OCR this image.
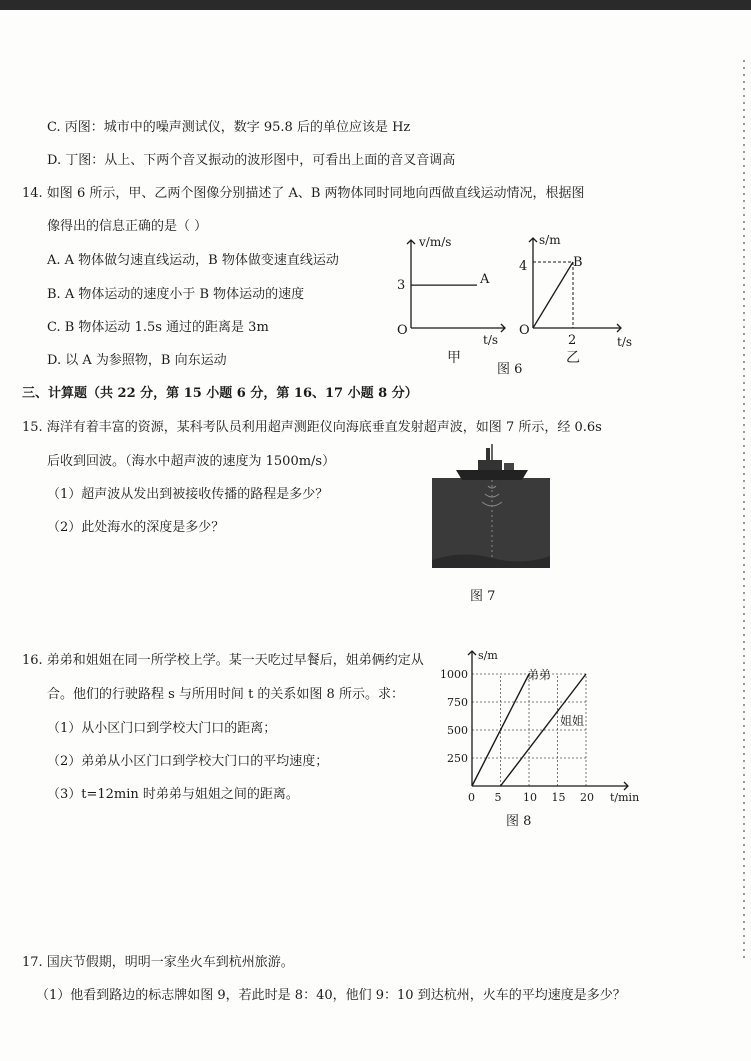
C. 丙图：城市中的噪声测试仪，数字 95.8 后的单位应该是 Hz
D. 丁图：从上、下两个音叉振动的波形图中，可看出上面的音叉音调高
14. 如图 6 所示，甲、乙两个图像分别描述了 A、B 两物体同时同地向西做直线运动情况，根据图
像得出的信息正确的是（ ）
A. A 物体做匀速直线运动，B 物体做变速直线运动
B. A 物体运动的速度小于 B 物体运动的速度
C. B 物体运动 1.5s 通过的距离是 3m
D. 以 A 为参照物，B 向东运动
三、计算题（共 22 分，第 15 小题 6 分，第 16、17 小题 8 分）
15. 海洋有着丰富的资源，某科考队员利用超声测距仪向海底垂直发射超声波，如图 7 所示，经 0.6s
后收到回波。（海水中超声波的速度为 1500m/s）
（1）超声波从发出到被接收传播的路程是多少？
（2）此处海水的深度是多少？
16. 弟弟和姐姐在同一所学校上学。某一天吃过早餐后，姐弟俩约定从
合。他们的行驶路程 s 与所用时间 t 的关系如图 8 所示。求：
（1）从小区门口到学校大门口的距离；
（2）弟弟从小区门口到学校大门口的平均速度；
（3）t=12min 时弟弟与姐姐之间的距离。
17. 国庆节假期，明明一家坐火车到杭州旅游。
（1）他看到路边的标志牌如图 9，若此时是 8：40，他们 9：10 到达杭州，火车的平均速度是多少？
v/m/s
t/s
O
3	A
甲
s/m
t/s
O
4
2
B
乙
图 6
图 7
250
500
750
1000
5 10 15 20
s/m
t/min
0
弟弟
姐姐
图 8
